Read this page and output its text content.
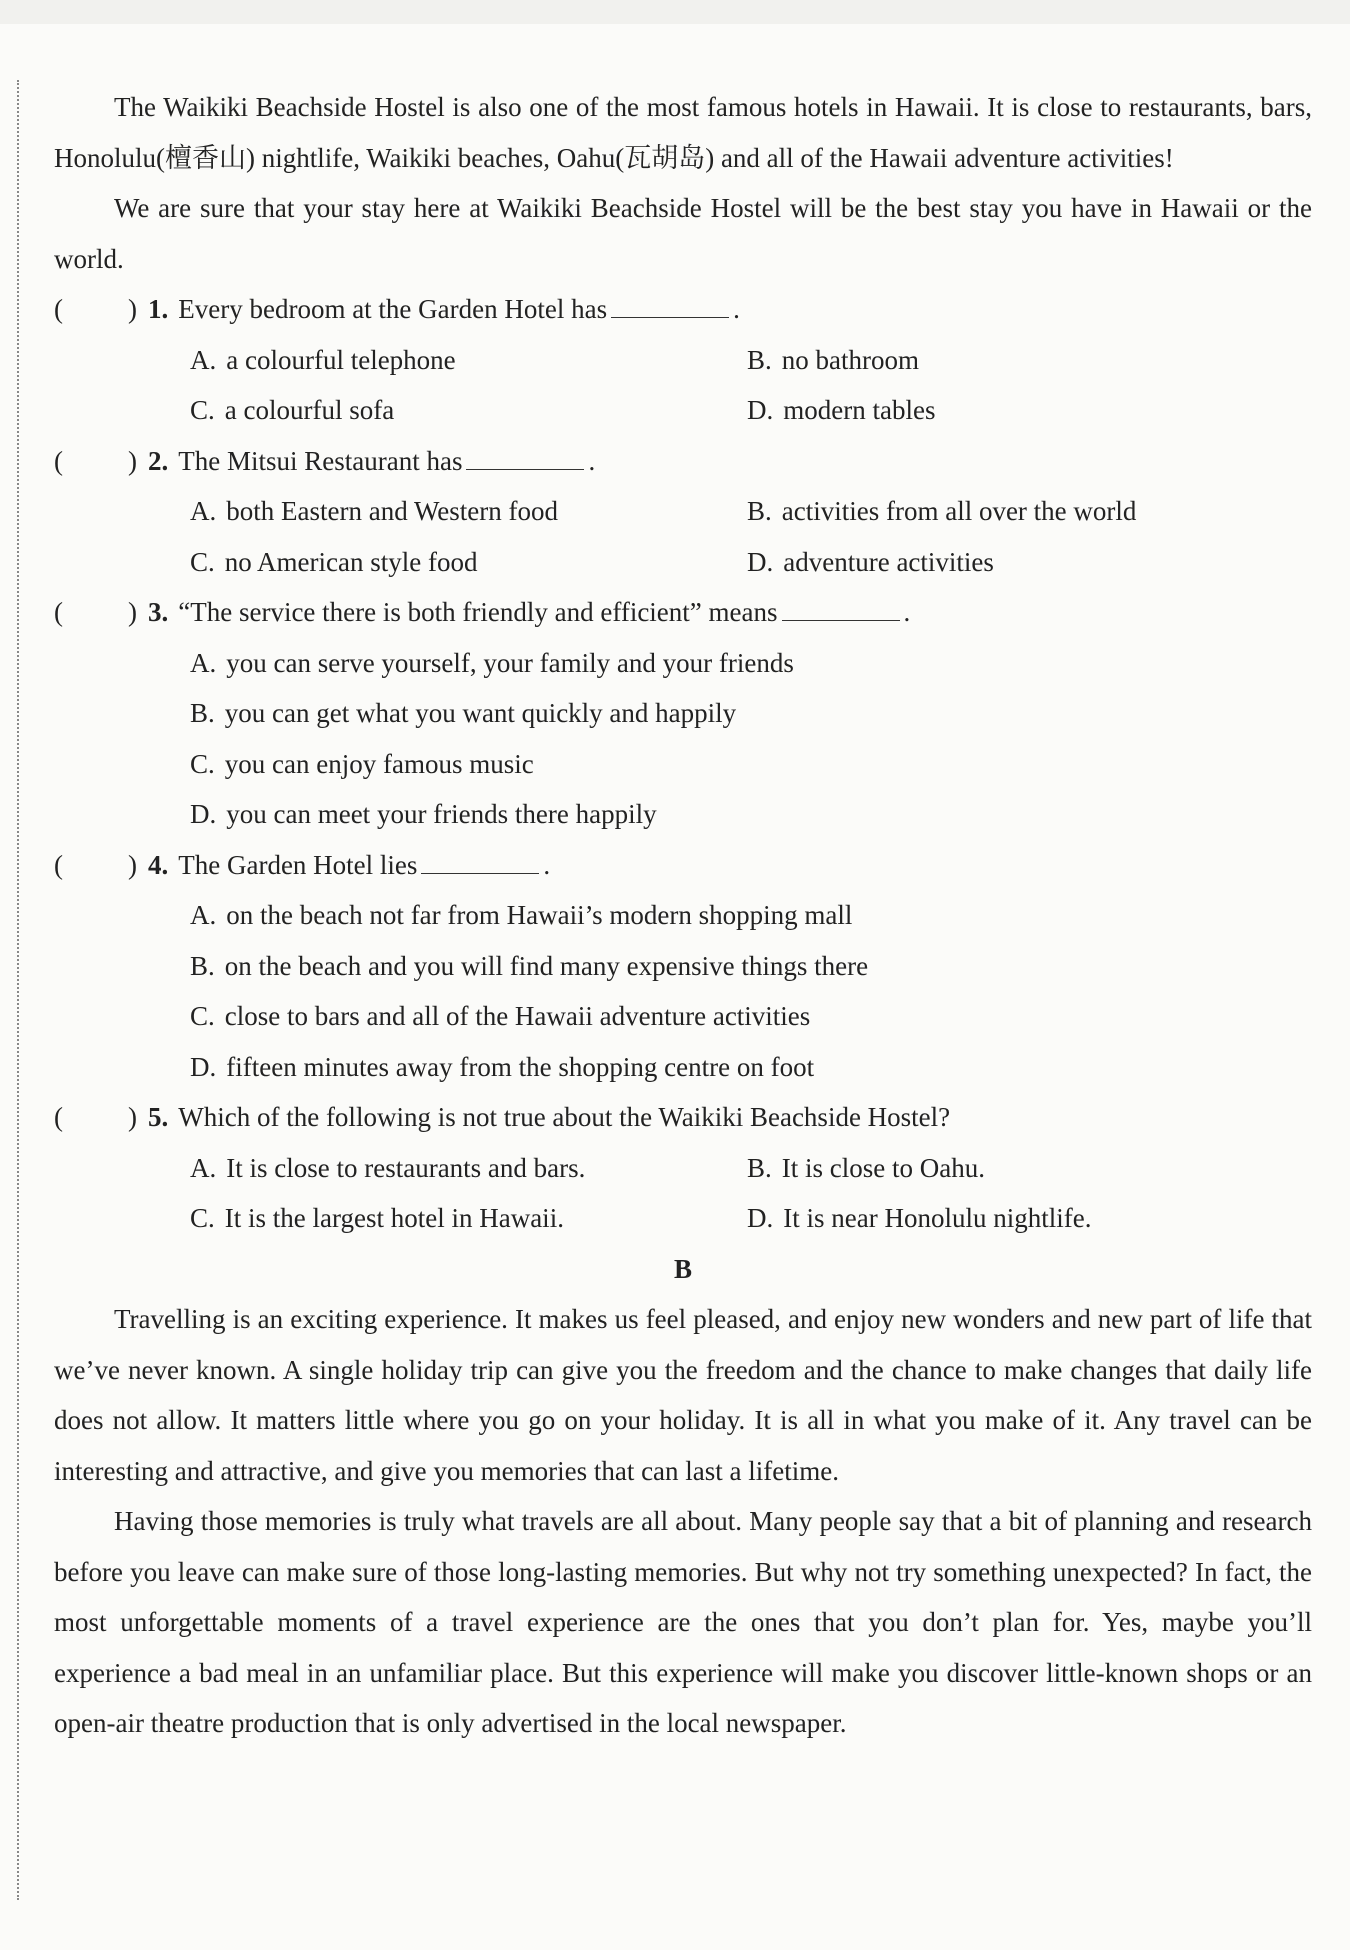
The Waikiki Beachside Hostel is also one of the most famous hotels in Hawaii. It is close to restaurants, bars, Honolulu(檀香山) nightlife, Waikiki beaches, Oahu(瓦胡岛) and all of the Hawaii adventure activities!

We are sure that your stay here at Waikiki Beachside Hostel will be the best stay you have in Hawaii or the world.

( ) 1. Every bedroom at the Garden Hotel has	.
A. a colourful telephone	B. no bathroom
C. a colourful sofa	D. modern tables
( ) 2. The Mitsui Restaurant has	.
A. both Eastern and Western food	B. activities from all over the world
C. no American style food	D. adventure activities
( ) 3. “The service there is both friendly and efficient” means	.
A. you can serve yourself, your family and your friends
B. you can get what you want quickly and happily
C. you can enjoy famous music
D. you can meet your friends there happily
( ) 4. The Garden Hotel lies	.
A. on the beach not far from Hawaii’s modern shopping mall
B. on the beach and you will find many expensive things there
C. close to bars and all of the Hawaii adventure activities
D. fifteen minutes away from the shopping centre on foot
( ) 5. Which of the following is not true about the Waikiki Beachside Hostel?
A. It is close to restaurants and bars.	B. It is close to Oahu.
C. It is the largest hotel in Hawaii.	D. It is near Honolulu nightlife.

B

Travelling is an exciting experience. It makes us feel pleased, and enjoy new wonders and new part of life that we’ve never known. A single holiday trip can give you the freedom and the chance to make changes that daily life does not allow. It matters little where you go on your holiday. It is all in what you make of it. Any travel can be interesting and attractive, and give you memories that can last a lifetime.

Having those memories is truly what travels are all about. Many people say that a bit of planning and research before you leave can make sure of those long-lasting memories. But why not try something unexpected? In fact, the most unforgettable moments of a travel experience are the ones that you don’t plan for. Yes, maybe you’ll experience a bad meal in an unfamiliar place. But this experience will make you discover little-known shops or an open-air theatre production that is only advertised in the local newspaper.
